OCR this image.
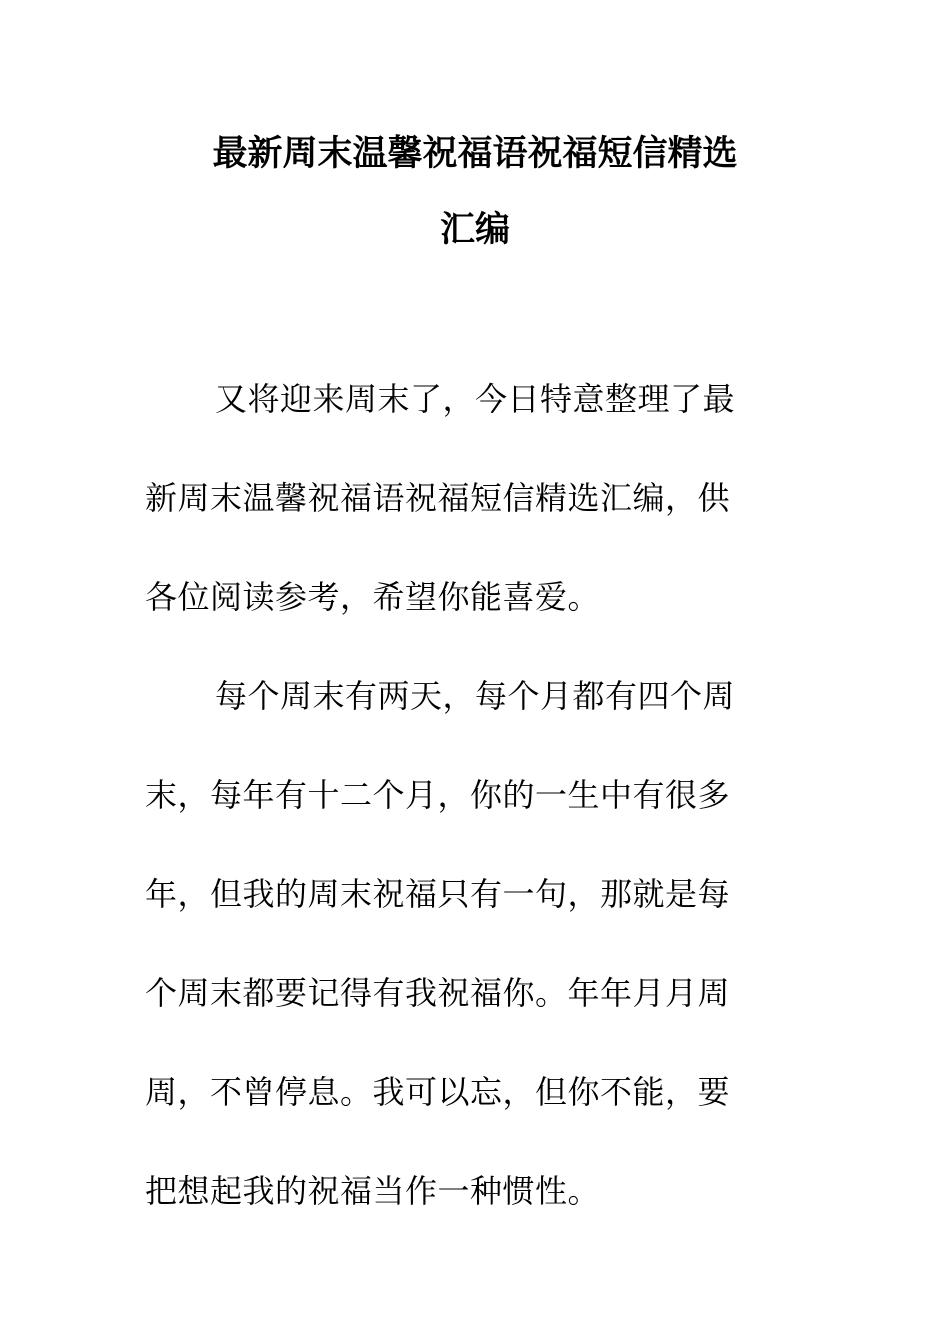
最新周末温馨祝福语祝福短信精选
汇编
又将迎来周末了，今日特意整理了最
新周末温馨祝福语祝福短信精选汇编，供
各位阅读参考，希望你能喜爱。
每个周末有两天，每个月都有四个周
末，每年有十二个月，你的一生中有很多
年，但我的周末祝福只有一句，那就是每
个周末都要记得有我祝福你。年年月月周
周，不曾停息。我可以忘，但你不能，要
把想起我的祝福当作一种惯性。
